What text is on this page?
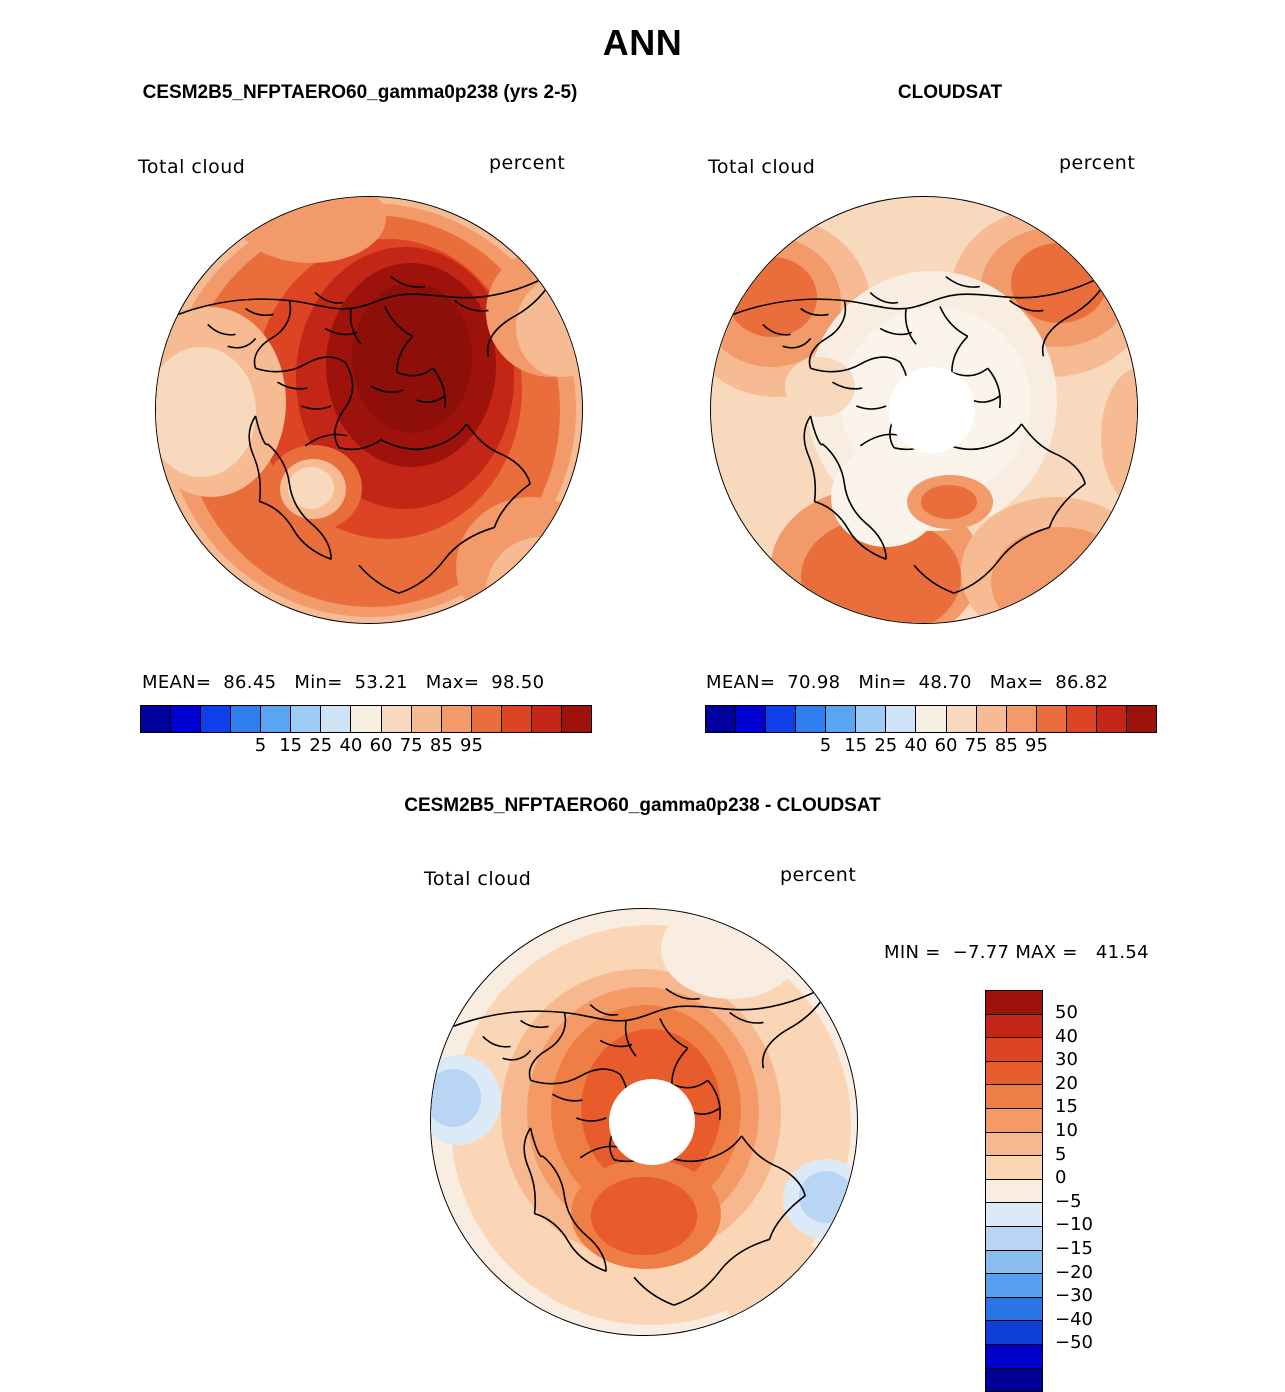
ANN
CESM2B5_NFPTAERO60_gamma0p238 (yrs 2-5)	CLOUDSAT
CESM2B5_NFPTAERO60_gamma0p238 - CLOUDSAT
Total cloud	percent
MEAN=  86.45   Min=  53.21   Max=  98.50
5 15 25 40 60 75 85 95
Total cloud	percent
MEAN=  70.98   Min=  48.70   Max=  86.82
5 15 25 40 60 75 85 95
Total cloud	percent
MIN =  −7.77 MAX =   41.54
50
40
30
20
15
10
5
0
−5
−10
−15
−20
−30
−40
−50
